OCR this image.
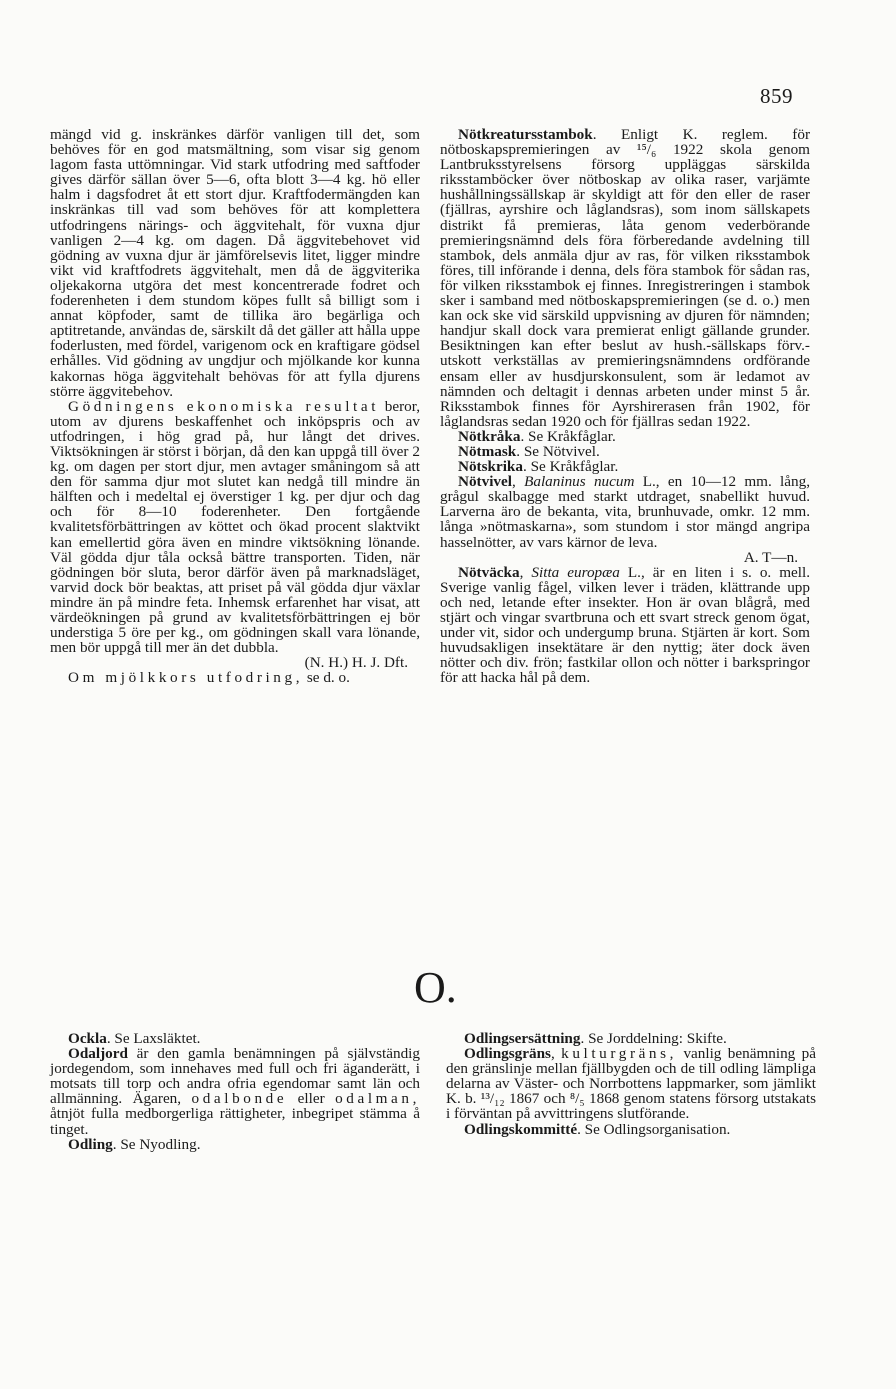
859

mängd vid g. inskränkes därför vanligen till det, som behöves för en god matsmältning, som visar sig genom lagom fasta uttömningar. Vid stark utfodring med saftfoder gives därför sällan över 5—6, ofta blott 3—4 kg. hö eller halm i dagsfodret åt ett stort djur. Kraftfodermängden kan inskränkas till vad som behöves för att komplettera utfodringens närings- och äggvitehalt, för vuxna djur vanligen 2—4 kg. om dagen. Då äggvitebehovet vid gödning av vuxna djur är jämförelsevis litet, ligger mindre vikt vid kraftfodrets äggvitehalt, men då de äggviterika oljekakorna utgöra det mest koncentrerade fodret och foderenheten i dem stundom köpes fullt så billigt som i annat köpfoder, samt de tillika äro begärliga och aptitretande, användas de, särskilt då det gäller att hålla uppe foderlusten, med fördel, varigenom ock en kraftigare gödsel erhålles. Vid gödning av ungdjur och mjölkande kor kunna kakornas höga äggvitehalt behövas för att fylla djurens större äggvitebehov.

Gödningens ekonomiska resultat beror, utom av djurens beskaffenhet och inköpspris och av utfodringen, i hög grad på, hur långt det drives. Viktsökningen är störst i början, då den kan uppgå till över 2 kg. om dagen per stort djur, men avtager småningom så att den för samma djur mot slutet kan nedgå till mindre än hälften och i medeltal ej överstiger 1 kg. per djur och dag och för 8—10 foderenheter. Den fortgående kvalitetsförbättringen av köttet och ökad procent slaktvikt kan emellertid göra även en mindre viktsökning lönande. Väl gödda djur tåla också bättre transporten. Tiden, när gödningen bör sluta, beror därför även på marknadsläget, varvid dock bör beaktas, att priset på väl gödda djur växlar mindre än på mindre feta. Inhemsk erfarenhet har visat, att värdeökningen på grund av kvalitetsförbättringen ej bör understiga 5 öre per kg., om gödningen skall vara lönande, men bör uppgå till mer än det dubbla.

(N. H.) H. J. Dft.

Om mjölkkors utfodring, se d. o.

Nötkreatursstambok. Enligt K. reglem. för nötboskapspremieringen av ¹⁵/₆ 1922 skola genom Lantbruksstyrelsens försorg uppläggas särskilda riksstamböcker över nötboskap av olika raser, varjämte hushållningssällskap är skyldigt att för den eller de raser (fjällras, ayrshire och låglandsras), som inom sällskapets distrikt få premieras, låta genom vederbörande premieringsnämnd dels föra förberedande avdelning till stambok, dels anmäla djur av ras, för vilken riksstambok föres, till införande i denna, dels föra stambok för sådan ras, för vilken riksstambok ej finnes. Inregistreringen i stambok sker i samband med nötboskapspremieringen (se d. o.) men kan ock ske vid särskild uppvisning av djuren för nämnden; handjur skall dock vara premierat enligt gällande grunder. Besiktningen kan efter beslut av hush.-sällskaps förv.-utskott verkställas av premieringsnämndens ordförande ensam eller av husdjurskonsulent, som är ledamot av nämnden och deltagit i dennas arbeten under minst 5 år. Riksstambok finnes för Ayrshirerasen från 1902, för låglandsras sedan 1920 och för fjällras sedan 1922.

Nötkråka. Se Kråkfåglar.

Nötmask. Se Nötvivel.

Nötskrika. Se Kråkfåglar.

Nötvivel, Balaninus nucum L., en 10—12 mm. lång, grågul skalbagge med starkt utdraget, snabellikt huvud. Larverna äro de bekanta, vita, brunhuvade, omkr. 12 mm. långa »nötmaskarna», som stundom i stor mängd angripa hasselnötter, av vars kärnor de leva.

A. T—n.

Nötväcka, Sitta europæa L., är en liten i s. o. mell. Sverige vanlig fågel, vilken lever i träden, klättrande upp och ned, letande efter insekter. Hon är ovan blågrå, med stjärt och vingar svartbruna och ett svart streck genom ögat, under vit, sidor och undergump bruna. Stjärten är kort. Som huvudsakligen insektätare är den nyttig; äter dock även nötter och div. frön; fastkilar ollon och nötter i barkspringor för att hacka hål på dem.

O.

Ockla. Se Laxsläktet.

Odaljord är den gamla benämningen på självständig jordegendom, som innehaves med full och fri äganderätt, i motsats till torp och andra ofria egendomar samt län och allmänning. Ägaren, odalbonde eller odalman, åtnjöt fulla medborgerliga rättigheter, inbegripet stämma å tinget.

Odling. Se Nyodling.

Odlingsersättning. Se Jorddelning: Skifte.

Odlingsgräns, kulturgräns, vanlig benämning på den gränslinje mellan fjällbygden och de till odling lämpliga delarna av Väster- och Norrbottens lappmarker, som jämlikt K. b. ¹³/₁₂ 1867 och ⁸/₅ 1868 genom statens försorg utstakats i förväntan på avvittringens slutförande.

Odlingskommitté. Se Odlingsorganisation.
